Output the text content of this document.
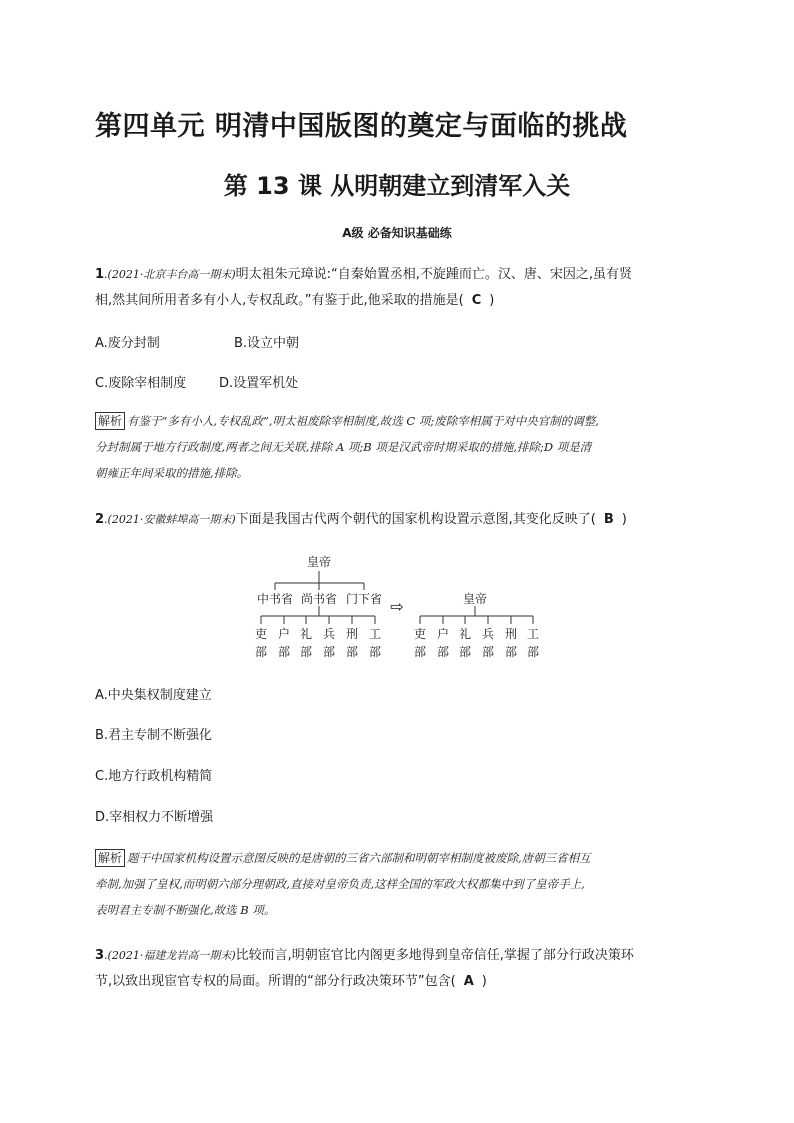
第四单元 明清中国版图的奠定与面临的挑战
第 13 课 从明朝建立到清军入关
A级 必备知识基础练
1.(2021·北京丰台高一期末)明太祖朱元璋说:“自秦始置丞相,不旋踵而亡。汉、唐、宋因之,虽有贤
相,然其间所用者多有小人,专权乱政。”有鉴于此,他采取的措施是( C )
A.废分封制	B.设立中朝
C.废除宰相制度	D.设置军机处
解析 有鉴于“多有小人,专权乱政”,明太祖废除宰相制度,故选 C 项;废除宰相属于对中央官制的调整,
分封制属于地方行政制度,两者之间无关联,排除 A 项;B 项是汉武帝时期采取的措施,排除;D 项是清
朝雍正年间采取的措施,排除。
2.(2021·安徽蚌埠高一期末)下面是我国古代两个朝代的国家机构设置示意图,其变化反映了( B )
皇帝
中书省 尚书省 门下省 ⇨	皇帝
吏 户 礼 兵 刑 工
部 部 部 部 部 部
吏 户 礼 兵 刑 工
部 部 部 部 部 部
A.中央集权制度建立
B.君主专制不断强化
C.地方行政机构精简
D.宰相权力不断增强
解析 题干中国家机构设置示意图反映的是唐朝的三省六部制和明朝宰相制度被废除,唐朝三省相互
牵制,加强了皇权,而明朝六部分理朝政,直接对皇帝负责,这样全国的军政大权都集中到了皇帝手上,
表明君主专制不断强化,故选 B 项。
3.(2021·福建龙岩高一期末)比较而言,明朝宦官比内阁更多地得到皇帝信任,掌握了部分行政决策环
节,以致出现宦官专权的局面。所谓的“部分行政决策环节”包含( A )
